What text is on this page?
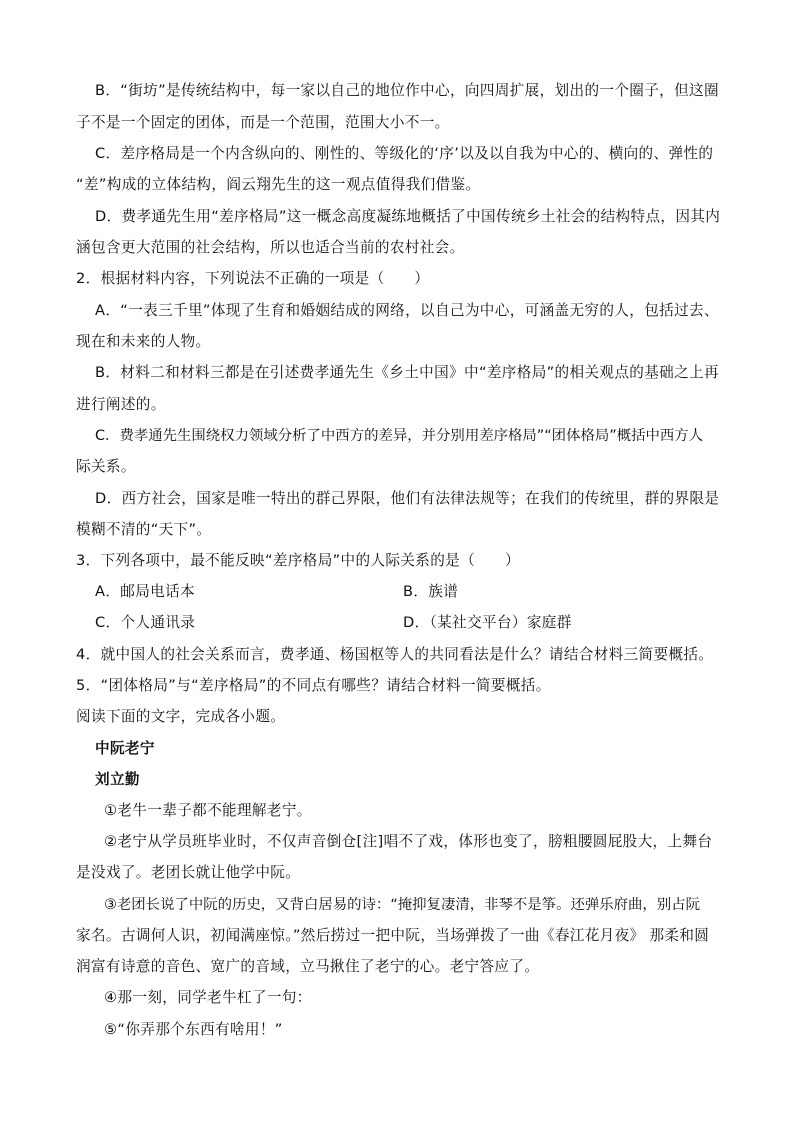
B．“街坊”是传统结构中，每一家以自己的地位作中心，向四周扩展，划出的一个圈子，但这圈
子不是一个固定的团体，而是一个范围，范围大小不一。
C．差序格局是一个内含纵向的、刚性的、等级化的‘序’以及以自我为中心的、横向的、弹性的
“差”构成的立体结构，阎云翔先生的这一观点值得我们借鉴。
D．费孝通先生用“差序格局”这一概念高度凝练地概括了中国传统乡土社会的结构特点，因其内
涵包含更大范围的社会结构，所以也适合当前的农村社会。
2．根据材料内容，下列说法不正确的一项是（　　）
A．“一表三千里”体现了生育和婚姻结成的网络，以自己为中心，可涵盖无穷的人，包括过去、
现在和未来的人物。
B．材料二和材料三都是在引述费孝通先生《乡土中国》中“差序格局”的相关观点的基础之上再
进行阐述的。
C．费孝通先生围绕权力领域分析了中西方的差异，并分别用差序格局”“团体格局”概括中西方人
际关系。
D．西方社会，国家是唯一特出的群己界限，他们有法律法规等；在我们的传统里，群的界限是
模糊不清的“天下”。
3．下列各项中，最不能反映“差序格局”中的人际关系的是（　　）
A．邮局电话本	B．族谱
C．个人通讯录	D．（某社交平台）家庭群
4．就中国人的社会关系而言，费孝通、杨国枢等人的共同看法是什么？请结合材料三简要概括。
5．“团体格局”与“差序格局”的不同点有哪些？请结合材料一简要概括。
阅读下面的文字，完成各小题。
中阮老宁
刘立勤
①老牛一辈子都不能理解老宁。
②老宁从学员班毕业时，不仅声音倒仓[注]唱不了戏，体形也变了，膀粗腰圆屁股大，上舞台
是没戏了。老团长就让他学中阮。
③老团长说了中阮的历史，又背白居易的诗：“掩抑复凄清，非琴不是筝。还弹乐府曲，别占阮
家名。古调何人识，初闻满座惊。”然后捞过一把中阮，当场弹拨了一曲《春江花月夜》 那柔和圆
润富有诗意的音色、宽广的音域，立马揪住了老宁的心。老宁答应了。
④那一刻，同学老牛杠了一句：
⑤“你弄那个东西有啥用！”
